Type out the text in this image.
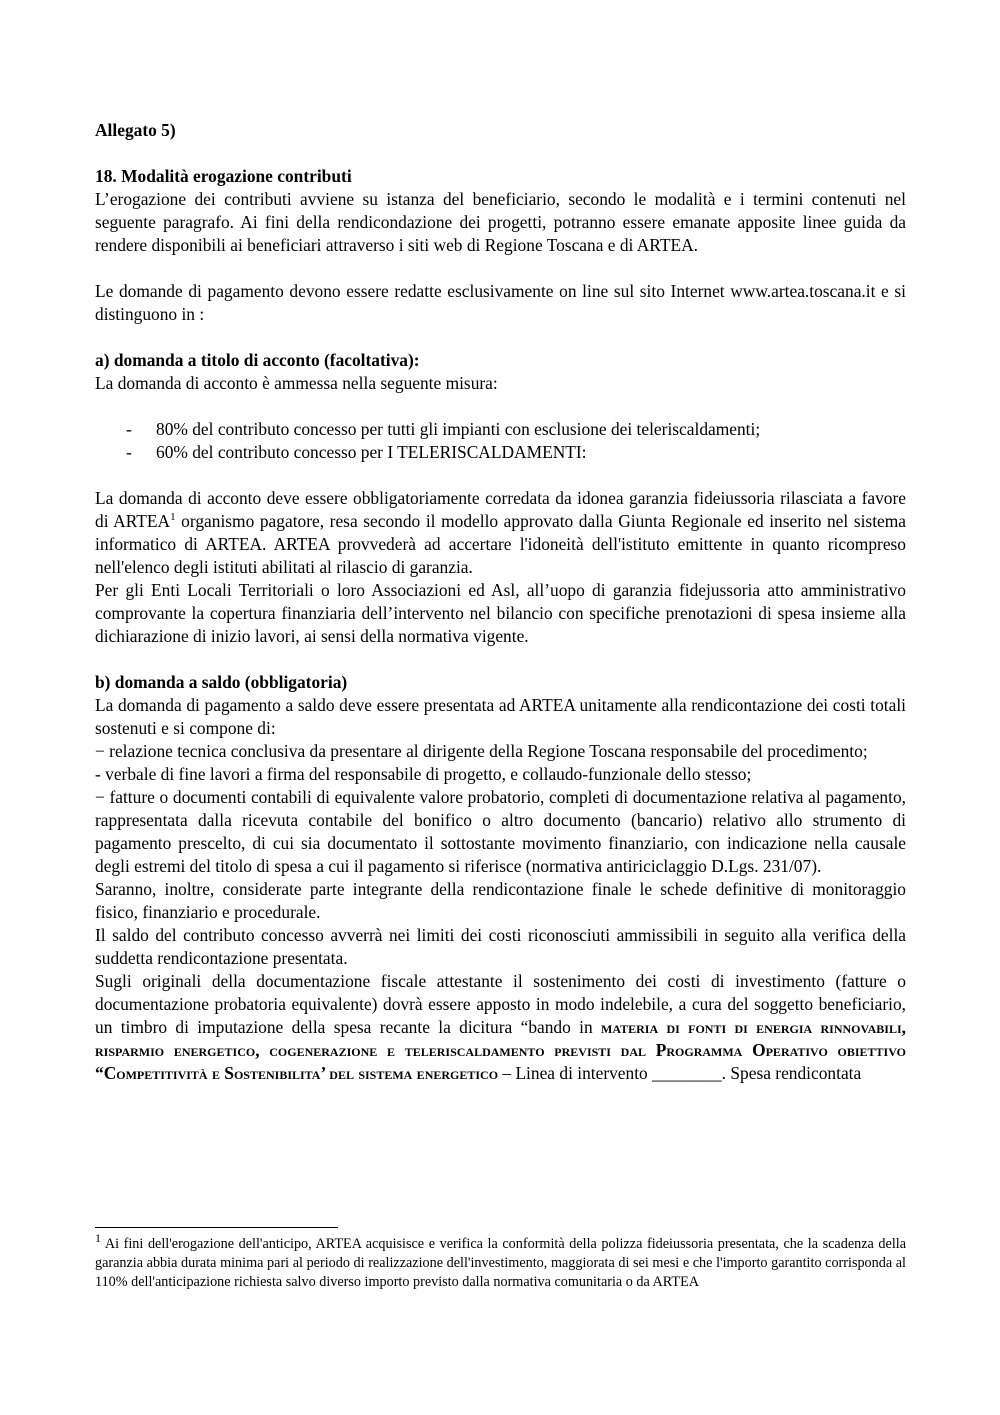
Allegato 5)

18. Modalità erogazione contributi

L’erogazione dei contributi avviene su istanza del beneficiario, secondo le modalità e i termini contenuti nel seguente paragrafo. Ai fini della rendicondazione dei progetti, potranno essere emanate apposite linee guida da rendere disponibili ai beneficiari attraverso i siti web di Regione Toscana e di ARTEA.

Le domande di pagamento devono essere redatte esclusivamente on line sul sito Internet www.artea.toscana.it e si distinguono in :

a) domanda a titolo di acconto (facoltativa):

La domanda di acconto è ammessa nella seguente misura:

- 80% del contributo concesso per tutti gli impianti con esclusione dei teleriscaldamenti;
- 60% del contributo concesso per I TELERISCALDAMENTI:

La domanda di acconto deve essere obbligatoriamente corredata da idonea garanzia fideiussoria rilasciata a favore di ARTEA$^1$ organismo pagatore, resa secondo il modello approvato dalla Giunta Regionale ed inserito nel sistema informatico di ARTEA. ARTEA provvederà ad accertare l'idoneità dell'istituto emittente in quanto ricompreso nell'elenco degli istituti abilitati al rilascio di garanzia.

Per gli Enti Locali Territoriali o loro Associazioni ed Asl, all’uopo di garanzia fidejussoria atto amministrativo comprovante la copertura finanziaria dell’intervento nel bilancio con specifiche prenotazioni di spesa insieme alla dichiarazione di inizio lavori, ai sensi della normativa vigente.

b) domanda a saldo (obbligatoria)

La domanda di pagamento a saldo deve essere presentata ad ARTEA unitamente alla rendicontazione dei costi totali sostenuti e si compone di:

− relazione tecnica conclusiva da presentare al dirigente della Regione Toscana responsabile del procedimento;

- verbale di fine lavori a firma del responsabile di progetto, e collaudo-funzionale dello stesso;

− fatture o documenti contabili di equivalente valore probatorio, completi di documentazione relativa al pagamento, rappresentata dalla ricevuta contabile del bonifico o altro documento (bancario) relativo allo strumento di pagamento prescelto, di cui sia documentato il sottostante movimento finanziario, con indicazione nella causale degli estremi del titolo di spesa a cui il pagamento si riferisce (normativa antiriciclaggio D.Lgs. 231/07).

Saranno, inoltre, considerate parte integrante della rendicontazione finale le schede definitive di monitoraggio fisico, finanziario e procedurale.

Il saldo del contributo concesso avverrà nei limiti dei costi riconosciuti ammissibili in seguito alla verifica della suddetta rendicontazione presentata.

Sugli originali della documentazione fiscale attestante il sostenimento dei costi di investimento (fatture o documentazione probatoria equivalente) dovrà essere apposto in modo indelebile, a cura del soggetto beneficiario, un timbro di imputazione della spesa recante la dicitura “bando in materia di fonti di energia rinnovabili, risparmio energetico, cogenerazione e teleriscaldamento previsti dal Programma Operativo obiettivo “Competitività e Sostenibilita’ del sistema energetico – Linea di intervento ________. Spesa rendicontata

$^1$ Ai fini dell'erogazione dell'anticipo, ARTEA acquisisce e verifica la conformità della polizza fideiussoria presentata, che la scadenza della garanzia abbia durata minima pari al periodo di realizzazione dell'investimento, maggiorata di sei mesi e che l'importo garantito corrisponda al 110% dell'anticipazione richiesta salvo diverso importo previsto dalla normativa comunitaria o da ARTEA
